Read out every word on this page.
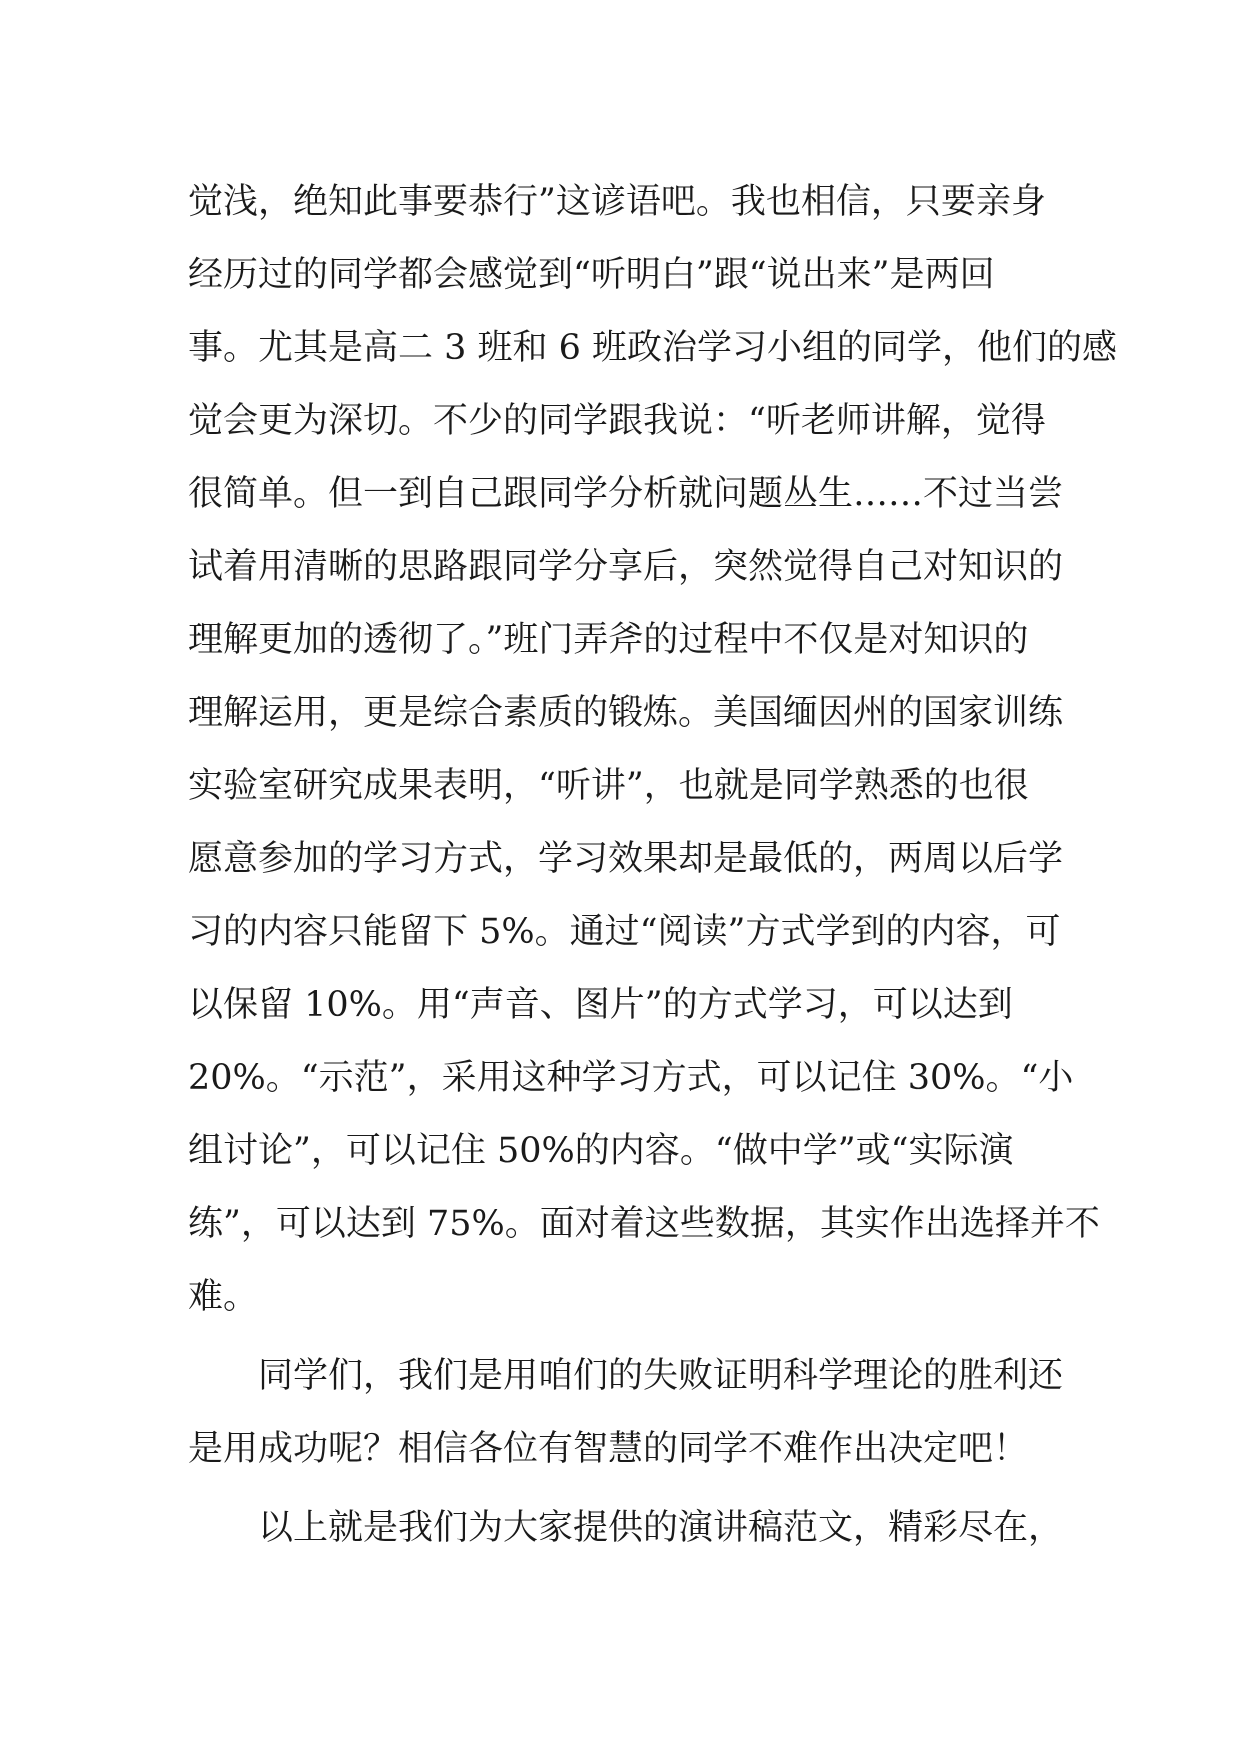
觉浅，绝知此事要恭行”这谚语吧。我也相信，只要亲身
经历过的同学都会感觉到“听明白”跟“说出来”是两回
事。尤其是高二 3 班和 6 班政治学习小组的同学，他们的感
觉会更为深切。不少的同学跟我说：“听老师讲解，觉得
很简单。但一到自己跟同学分析就问题丛生……不过当尝
试着用清晰的思路跟同学分享后，突然觉得自己对知识的
理解更加的透彻了。”班门弄斧的过程中不仅是对知识的
理解运用，更是综合素质的锻炼。美国缅因州的国家训练
实验室研究成果表明，“听讲”，也就是同学熟悉的也很
愿意参加的学习方式，学习效果却是最低的，两周以后学
习的内容只能留下 5%。通过“阅读”方式学到的内容，可
以保留 10%。用“声音、图片”的方式学习，可以达到
20%。“示范”，采用这种学习方式，可以记住 30%。“小
组讨论”，可以记住 50%的内容。“做中学”或“实际演
练”，可以达到 75%。面对着这些数据，其实作出选择并不
难。
同学们，我们是用咱们的失败证明科学理论的胜利还
是用成功呢？相信各位有智慧的同学不难作出决定吧！
以上就是我们为大家提供的演讲稿范文，精彩尽在，
